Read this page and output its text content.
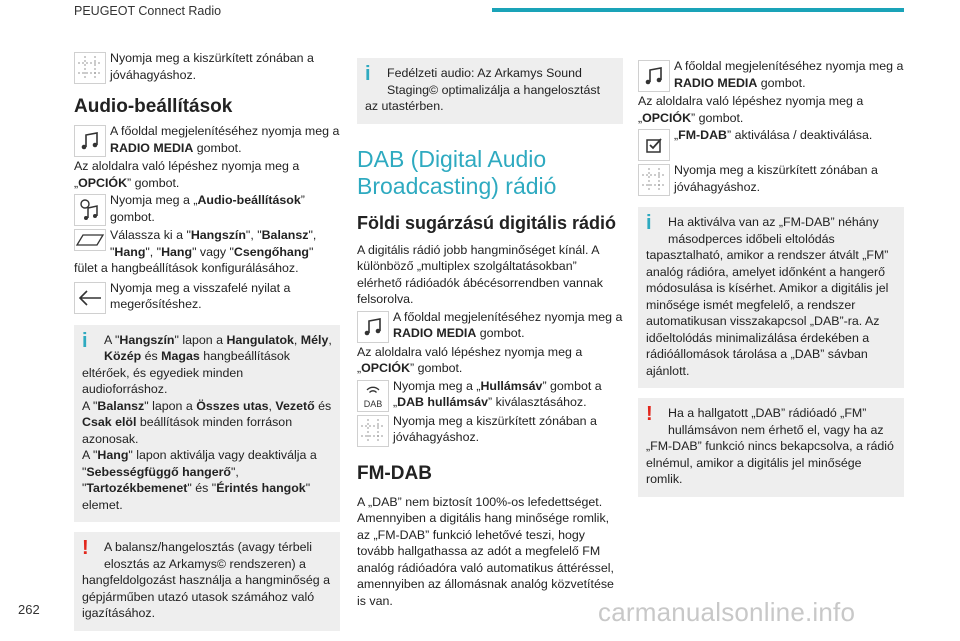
PEUGEOT Connect Radio

Nyomja meg a kiszürkített zónában a jóváhagyáshoz.

Audio-beállítások

A főoldal megjelenítéséhez nyomja meg a RADIO MEDIA gombot.

Az aloldalra való lépéshez nyomja meg a „OPCIÓK” gombot.

Nyomja meg a „Audio-beállítások” gombot.

Válassza ki a "Hangszín", "Balansz", "Hang", "Hang" vagy "Csengőhang" fület a hangbeállítások konfigurálásához.

Nyomja meg a visszafelé nyilat a megerősítéshez.

i	A "Hangszín" lapon a Hangulatok, Mély, Közép és Magas hangbeállítások eltérőek, és egyediek minden audioforráshoz.
A "Balansz" lapon a Összes utas, Vezető és Csak elöl beállítások minden forráson azonosak.
A "Hang" lapon aktiválja vagy deaktiválja a "Sebességfüggő hangerő", "Tartozékbemenet" és "Érintés hangok" elemet.
!	A balansz/hangelosztás (avagy térbeli elosztás az Arkamys© rendszeren) a hangfeldolgozást használja a hangminőség a gépjárműben utazó utasok számához való igazításához.
i	Fedélzeti audio: Az Arkamys Sound Staging© optimalizálja a hangelosztást az utastérben.
DAB (Digital Audio Broadcasting) rádió
Földi sugárzású digitális rádió

A digitális rádió jobb hangminőséget kínál. A különböző „multiplex szolgáltatásokban” elérhető rádióadók ábécésorrendben vannak felsorolva.

A főoldal megjelenítéséhez nyomja meg a RADIO MEDIA gombot.

Az aloldalra való lépéshez nyomja meg a „OPCIÓK” gombot.

DAB

Nyomja meg a „Hullámsáv” gombot a „DAB hullámsáv” kiválasztásához.

Nyomja meg a kiszürkített zónában a jóváhagyáshoz.

FM-DAB

A „DAB” nem biztosít 100%-os lefedettséget. Amennyiben a digitális hang minősége romlik, az „FM-DAB” funkció lehetővé teszi, hogy tovább hallgathassa az adót a megfelelő FM analóg rádióadóra való automatikus áttéréssel, amennyiben az állomásnak analóg közvetítése is van.

A főoldal megjelenítéséhez nyomja meg a RADIO MEDIA gombot.

Az aloldalra való lépéshez nyomja meg a „OPCIÓK” gombot.

„FM-DAB” aktiválása / deaktiválása.

Nyomja meg a kiszürkített zónában a jóváhagyáshoz.

i	Ha aktiválva van az „FM-DAB” néhány másodperces időbeli eltolódás tapasztalható, amikor a rendszer átvált „FM” analóg rádióra, amelyet időnként a hangerő módosulása is kísérhet. Amikor a digitális jel minősége ismét megfelelő, a rendszer automatikusan visszakapcsol „DAB”-ra. Az időeltolódás minimalizálása érdekében a rádióállomások tárolása a „DAB” sávban ajánlott.
!	Ha a hallgatott „DAB” rádióadó „FM” hullámsávon nem érhető el, vagy ha az „FM-DAB” funkció nincs bekapcsolva, a rádió elnémul, amikor a digitális jel minősége romlik.
262	carmanualsonline.info
